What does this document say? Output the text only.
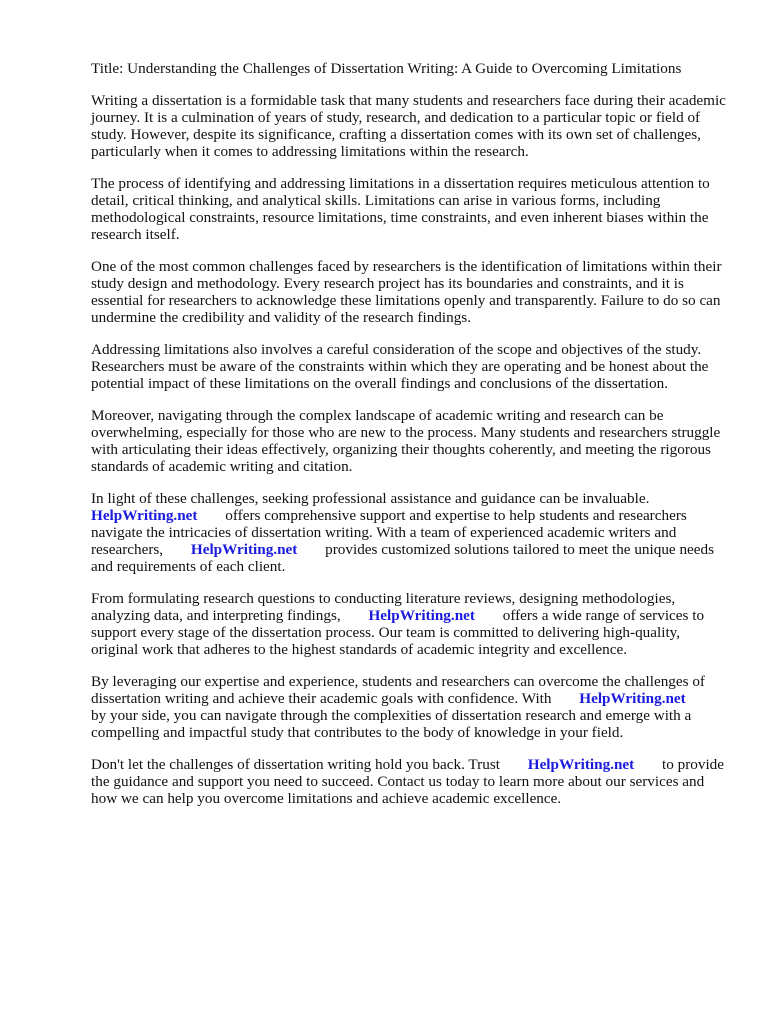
Title: Understanding the Challenges of Dissertation Writing: A Guide to Overcoming Limitations

Writing a dissertation is a formidable task that many students and researchers face during their academic journey. It is a culmination of years of study, research, and dedication to a particular topic or field of study. However, despite its significance, crafting a dissertation comes with its own set of challenges, particularly when it comes to addressing limitations within the research.

The process of identifying and addressing limitations in a dissertation requires meticulous attention to detail, critical thinking, and analytical skills. Limitations can arise in various forms, including methodological constraints, resource limitations, time constraints, and even inherent biases within the research itself.

One of the most common challenges faced by researchers is the identification of limitations within their study design and methodology. Every research project has its boundaries and constraints, and it is essential for researchers to acknowledge these limitations openly and transparently. Failure to do so can undermine the credibility and validity of the research findings.

Addressing limitations also involves a careful consideration of the scope and objectives of the study. Researchers must be aware of the constraints within which they are operating and be honest about the potential impact of these limitations on the overall findings and conclusions of the dissertation.

Moreover, navigating through the complex landscape of academic writing and research can be overwhelming, especially for those who are new to the process. Many students and researchers struggle with articulating their ideas effectively, organizing their thoughts coherently, and meeting the rigorous standards of academic writing and citation.

In light of these challenges, seeking professional assistance and guidance can be invaluable.
HelpWriting.net offers comprehensive support and expertise to help students and researchers navigate the intricacies of dissertation writing. With a team of experienced academic writers and researchers, HelpWriting.net provides customized solutions tailored to meet the unique needs and requirements of each client.

From formulating research questions to conducting literature reviews, designing methodologies, analyzing data, and interpreting findings, HelpWriting.net offers a wide range of services to support every stage of the dissertation process. Our team is committed to delivering high-quality, original work that adheres to the highest standards of academic integrity and excellence.

By leveraging our expertise and experience, students and researchers can overcome the challenges of dissertation writing and achieve their academic goals with confidence. With HelpWriting.net
by your side, you can navigate through the complexities of dissertation research and emerge with a compelling and impactful study that contributes to the body of knowledge in your field.

Don't let the challenges of dissertation writing hold you back. Trust HelpWriting.net to provide the guidance and support you need to succeed. Contact us today to learn more about our services and how we can help you overcome limitations and achieve academic excellence.
